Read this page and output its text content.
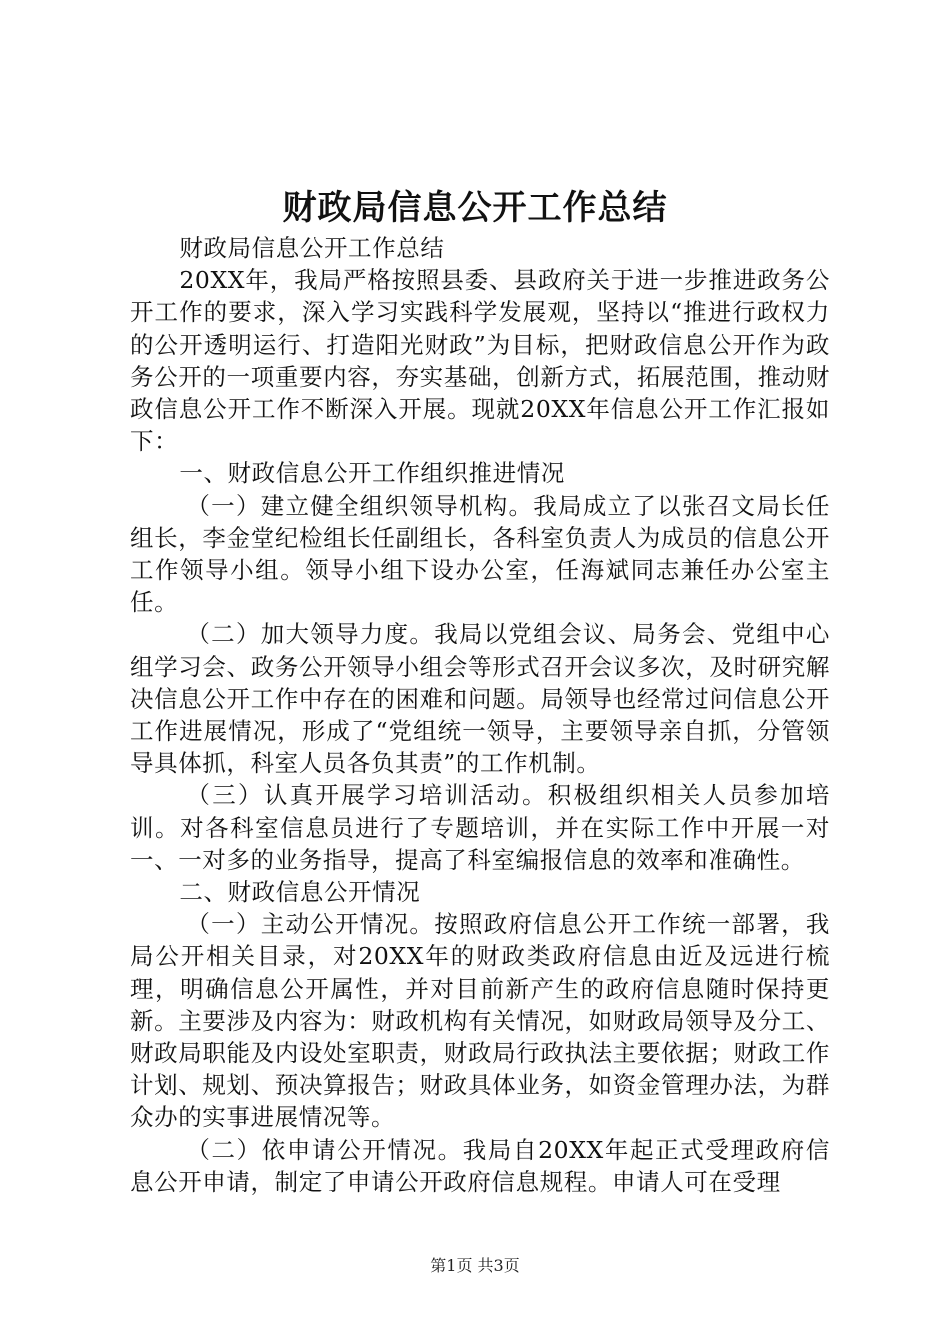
财政局信息公开工作总结

财政局信息公开工作总结

20XX年，我局严格按照县委、县政府关于进一步推进政务公开工作的要求，深入学习实践科学发展观，坚持以“推进行政权力的公开透明运行、打造阳光财政”为目标，把财政信息公开作为政务公开的一项重要内容，夯实基础，创新方式，拓展范围，推动财政信息公开工作不断深入开展。现就20XX年信息公开工作汇报如下：

一、财政信息公开工作组织推进情况

（一）建立健全组织领导机构。我局成立了以张召文局长任组长，李金堂纪检组长任副组长，各科室负责人为成员的信息公开工作领导小组。领导小组下设办公室，任海斌同志兼任办公室主任。

（二）加大领导力度。我局以党组会议、局务会、党组中心组学习会、政务公开领导小组会等形式召开会议多次，及时研究解决信息公开工作中存在的困难和问题。局领导也经常过问信息公开工作进展情况，形成了“党组统一领导，主要领导亲自抓，分管领导具体抓，科室人员各负其责”的工作机制。

（三）认真开展学习培训活动。积极组织相关人员参加培训。对各科室信息员进行了专题培训，并在实际工作中开展一对一、一对多的业务指导，提高了科室编报信息的效率和准确性。

二、财政信息公开情况

（一）主动公开情况。按照政府信息公开工作统一部署，我局公开相关目录，对20XX年的财政类政府信息由近及远进行梳理，明确信息公开属性，并对目前新产生的政府信息随时保持更新。主要涉及内容为：财政机构有关情况，如财政局领导及分工、财政局职能及内设处室职责，财政局行政执法主要依据；财政工作计划、规划、预决算报告；财政具体业务，如资金管理办法，为群众办的实事进展情况等。

（二）依申请公开情况。我局自20XX年起正式受理政府信息公开申请，制定了申请公开政府信息规程。申请人可在受理

第1页 共3页
